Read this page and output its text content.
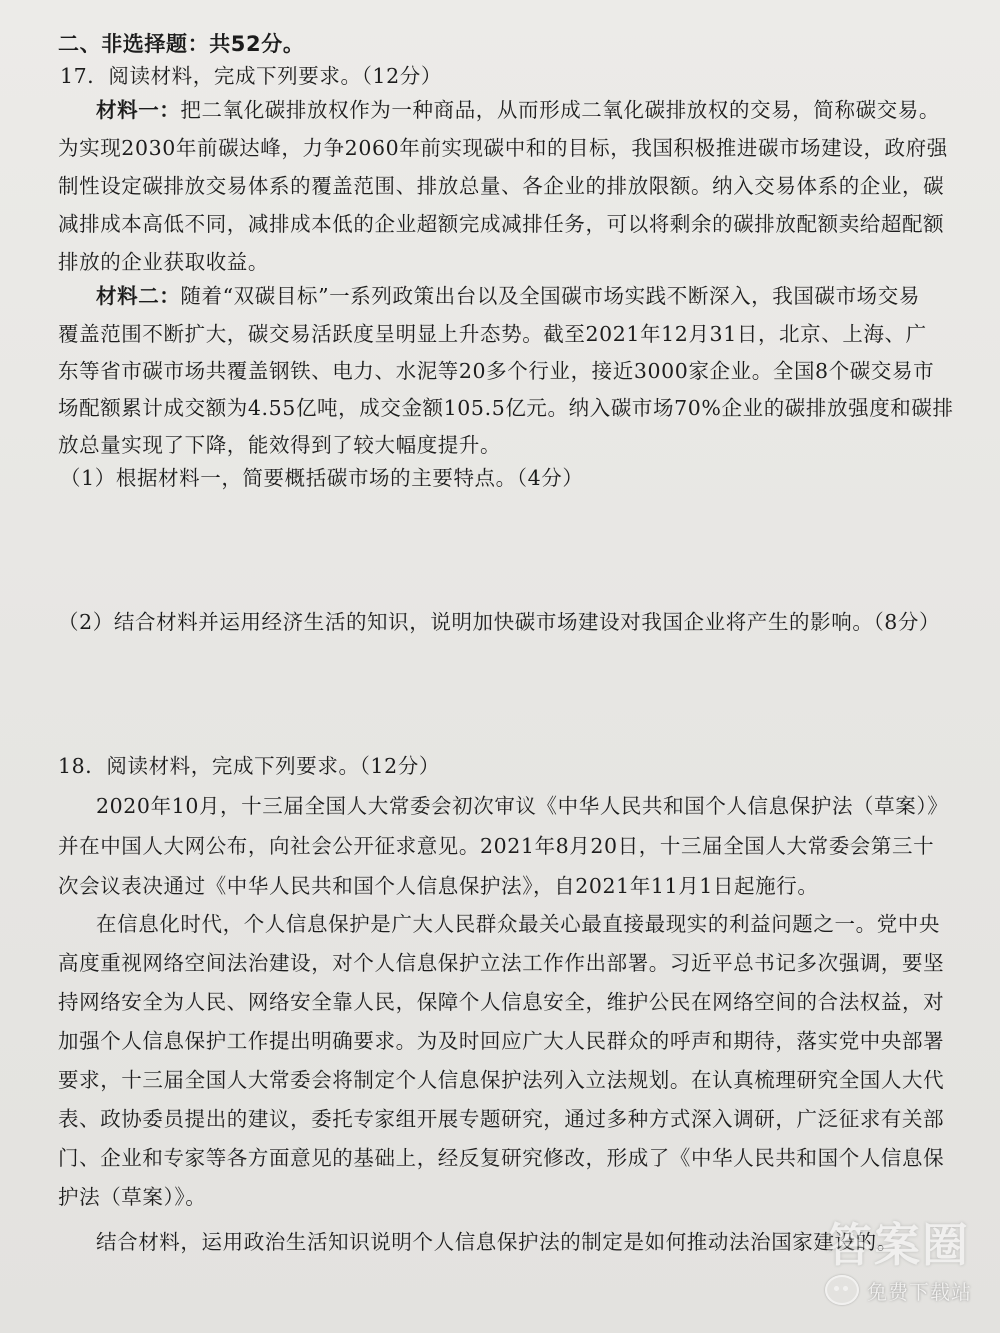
二、非选择题：共52分。
17．阅读材料，完成下列要求。（12分）
材料一：把二氧化碳排放权作为一种商品，从而形成二氧化碳排放权的交易，简称碳交易。
为实现2030年前碳达峰，力争2060年前实现碳中和的目标，我国积极推进碳市场建设，政府强
制性设定碳排放交易体系的覆盖范围、排放总量、各企业的排放限额。纳入交易体系的企业，碳
减排成本高低不同，减排成本低的企业超额完成减排任务，可以将剩余的碳排放配额卖给超配额
排放的企业获取收益。
材料二：随着“双碳目标”一系列政策出台以及全国碳市场实践不断深入，我国碳市场交易
覆盖范围不断扩大，碳交易活跃度呈明显上升态势。截至2021年12月31日，北京、上海、广
东等省市碳市场共覆盖钢铁、电力、水泥等20多个行业，接近3000家企业。全国8个碳交易市
场配额累计成交额为4.55亿吨，成交金额105.5亿元。纳入碳市场70%企业的碳排放强度和碳排
放总量实现了下降，能效得到了较大幅度提升。
（1）根据材料一，简要概括碳市场的主要特点。（4分）
（2）结合材料并运用经济生活的知识，说明加快碳市场建设对我国企业将产生的影响。（8分）
18．阅读材料，完成下列要求。（12分）
2020年10月，十三届全国人大常委会初次审议《中华人民共和国个人信息保护法（草案）》
并在中国人大网公布，向社会公开征求意见。2021年8月20日，十三届全国人大常委会第三十
次会议表决通过《中华人民共和国个人信息保护法》，自2021年11月1日起施行。
在信息化时代，个人信息保护是广大人民群众最关心最直接最现实的利益问题之一。党中央
高度重视网络空间法治建设，对个人信息保护立法工作作出部署。习近平总书记多次强调，要坚
持网络安全为人民、网络安全靠人民，保障个人信息安全，维护公民在网络空间的合法权益，对
加强个人信息保护工作提出明确要求。为及时回应广大人民群众的呼声和期待，落实党中央部署
要求，十三届全国人大常委会将制定个人信息保护法列入立法规划。在认真梳理研究全国人大代
表、政协委员提出的建议，委托专家组开展专题研究，通过多种方式深入调研，广泛征求有关部
门、企业和专家等各方面意见的基础上，经反复研究修改，形成了《中华人民共和国个人信息保
护法（草案）》。
结合材料，运用政治生活知识说明个人信息保护法的制定是如何推动法治国家建设的。
答案圈
免费下载站
